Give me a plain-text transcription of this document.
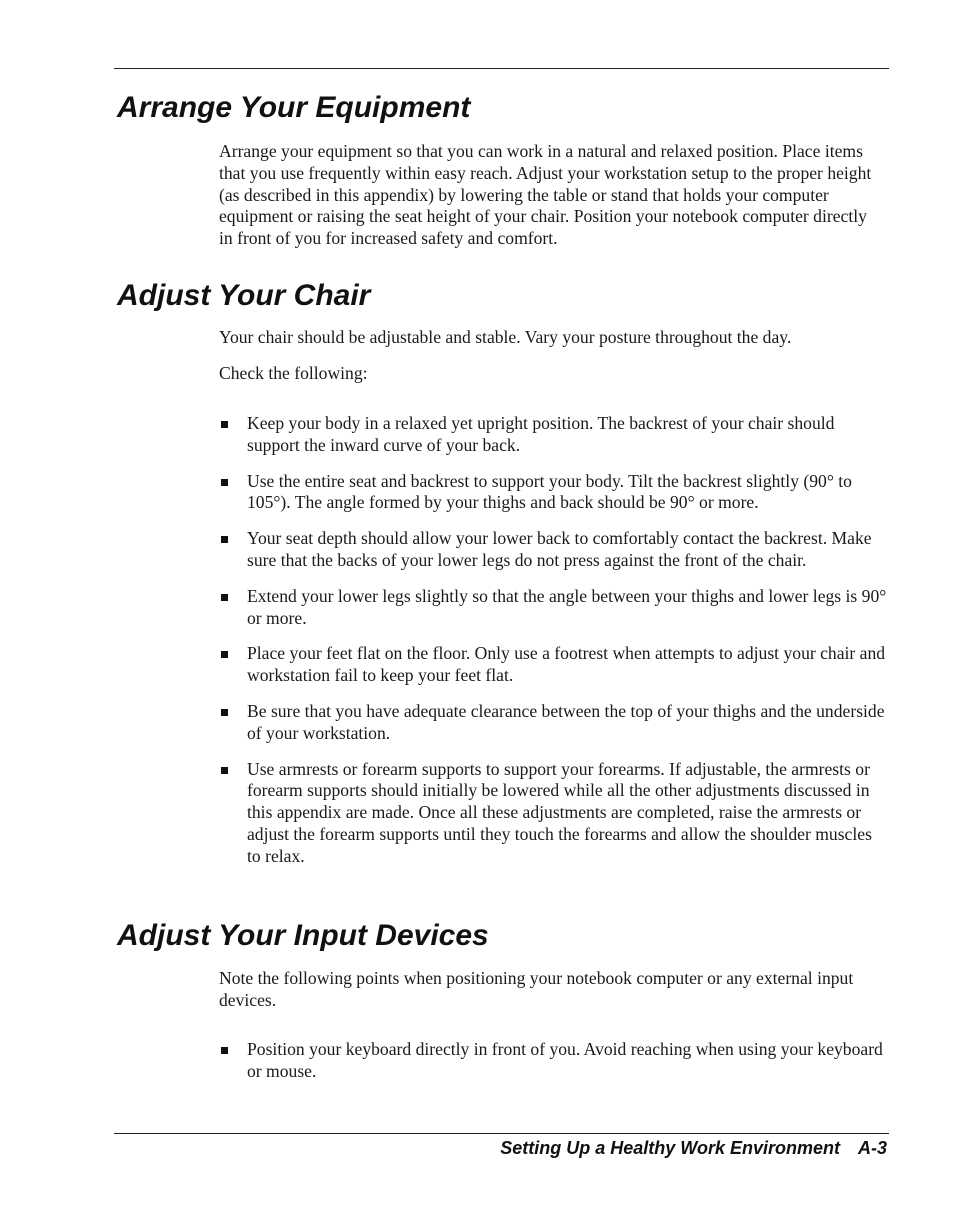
Arrange Your Equipment

Arrange your equipment so that you can work in a natural and relaxed position. Place items that you use frequently within easy reach. Adjust your workstation setup to the proper height (as described in this appendix) by lowering the table or stand that holds your computer equipment or raising the seat height of your chair. Position your notebook computer directly in front of you for increased safety and comfort.

Adjust Your Chair

Your chair should be adjustable and stable. Vary your posture throughout the day.

Check the following:

Keep your body in a relaxed yet upright position. The backrest of your chair should support the inward curve of your back.
Use the entire seat and backrest to support your body. Tilt the backrest slightly (90° to 105°). The angle formed by your thighs and back should be 90° or more.
Your seat depth should allow your lower back to comfortably contact the backrest. Make sure that the backs of your lower legs do not press against the front of the chair.
Extend your lower legs slightly so that the angle between your thighs and lower legs is 90° or more.
Place your feet flat on the floor. Only use a footrest when attempts to adjust your chair and workstation fail to keep your feet flat.
Be sure that you have adequate clearance between the top of your thighs and the underside of your workstation.
Use armrests or forearm supports to support your forearms. If adjustable, the armrests or forearm supports should initially be lowered while all the other adjustments discussed in this appendix are made. Once all these adjustments are completed, raise the armrests or adjust the forearm supports until they touch the forearms and allow the shoulder muscles to relax.
Adjust Your Input Devices

Note the following points when positioning your notebook computer or any external input devices.

Position your keyboard directly in front of you. Avoid reaching when using your keyboard or mouse.
Setting Up a Healthy Work Environment A-3
